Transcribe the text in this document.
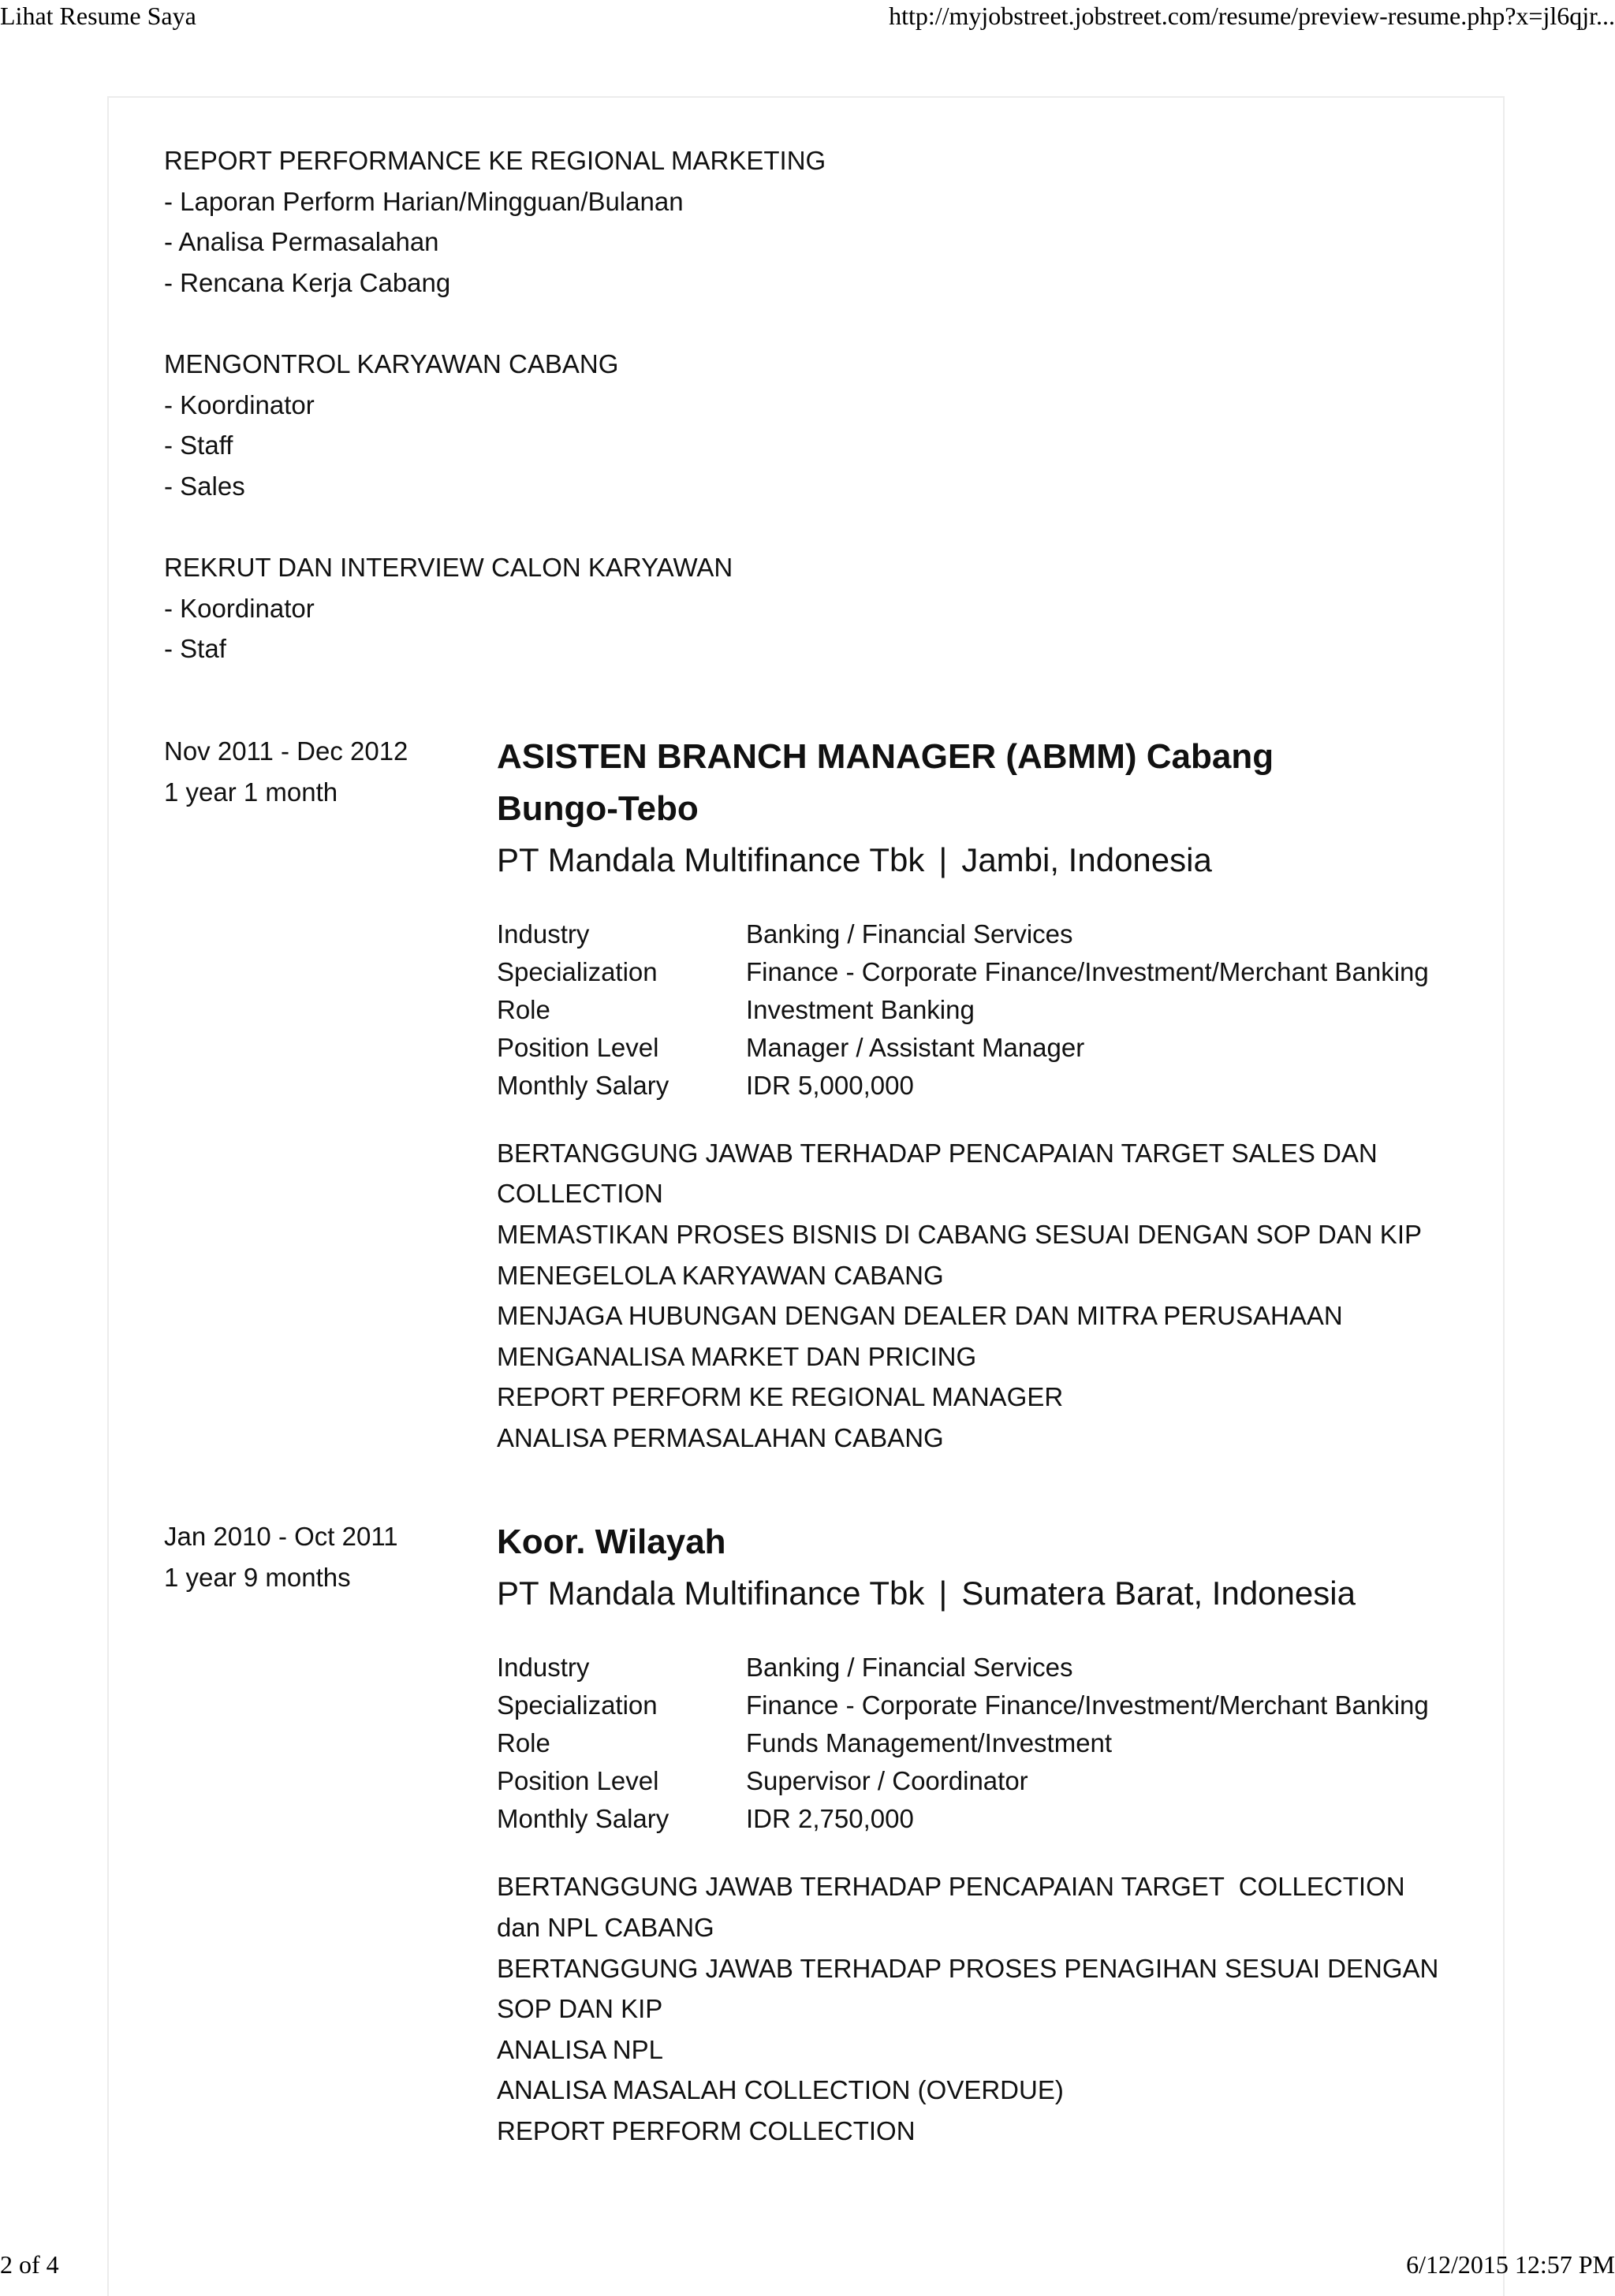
Lihat Resume Saya	http://myjobstreet.jobstreet.com/resume/preview-resume.php?x=jl6qjr...
REPORT PERFORMANCE KE REGIONAL MARKETING
- Laporan Perform Harian/Mingguan/Bulanan
- Analisa Permasalahan
- Rencana Kerja Cabang
MENGONTROL KARYAWAN CABANG
- Koordinator
- Staff
- Sales
REKRUT DAN INTERVIEW CALON KARYAWAN
- Koordinator
- Staf
Nov 2011 - Dec 2012
1 year 1 month
ASISTEN BRANCH MANAGER (ABMM) Cabang
Bungo-Tebo
PT Mandala Multifinance Tbk | Jambi, Indonesia
Industry	Banking / Financial Services
Specialization	Finance - Corporate Finance/Investment/Merchant Banking
Role	Investment Banking
Position Level	Manager / Assistant Manager
Monthly Salary	IDR 5,000,000
BERTANGGUNG JAWAB TERHADAP PENCAPAIAN TARGET SALES DAN
COLLECTION
MEMASTIKAN PROSES BISNIS DI CABANG SESUAI DENGAN SOP DAN KIP
MENEGELOLA KARYAWAN CABANG
MENJAGA HUBUNGAN DENGAN DEALER DAN MITRA PERUSAHAAN
MENGANALISA MARKET DAN PRICING
REPORT PERFORM KE REGIONAL MANAGER
ANALISA PERMASALAHAN CABANG
Jan 2010 - Oct 2011
1 year 9 months
Koor. Wilayah
PT Mandala Multifinance Tbk | Sumatera Barat, Indonesia
Industry	Banking / Financial Services
Specialization	Finance - Corporate Finance/Investment/Merchant Banking
Role	Funds Management/Investment
Position Level	Supervisor / Coordinator
Monthly Salary	IDR 2,750,000
BERTANGGUNG JAWAB TERHADAP PENCAPAIAN TARGET  COLLECTION
dan NPL CABANG
BERTANGGUNG JAWAB TERHADAP PROSES PENAGIHAN SESUAI DENGAN
SOP DAN KIP
ANALISA NPL
ANALISA MASALAH COLLECTION (OVERDUE)
REPORT PERFORM COLLECTION
2 of 4	6/12/2015 12:57 PM
